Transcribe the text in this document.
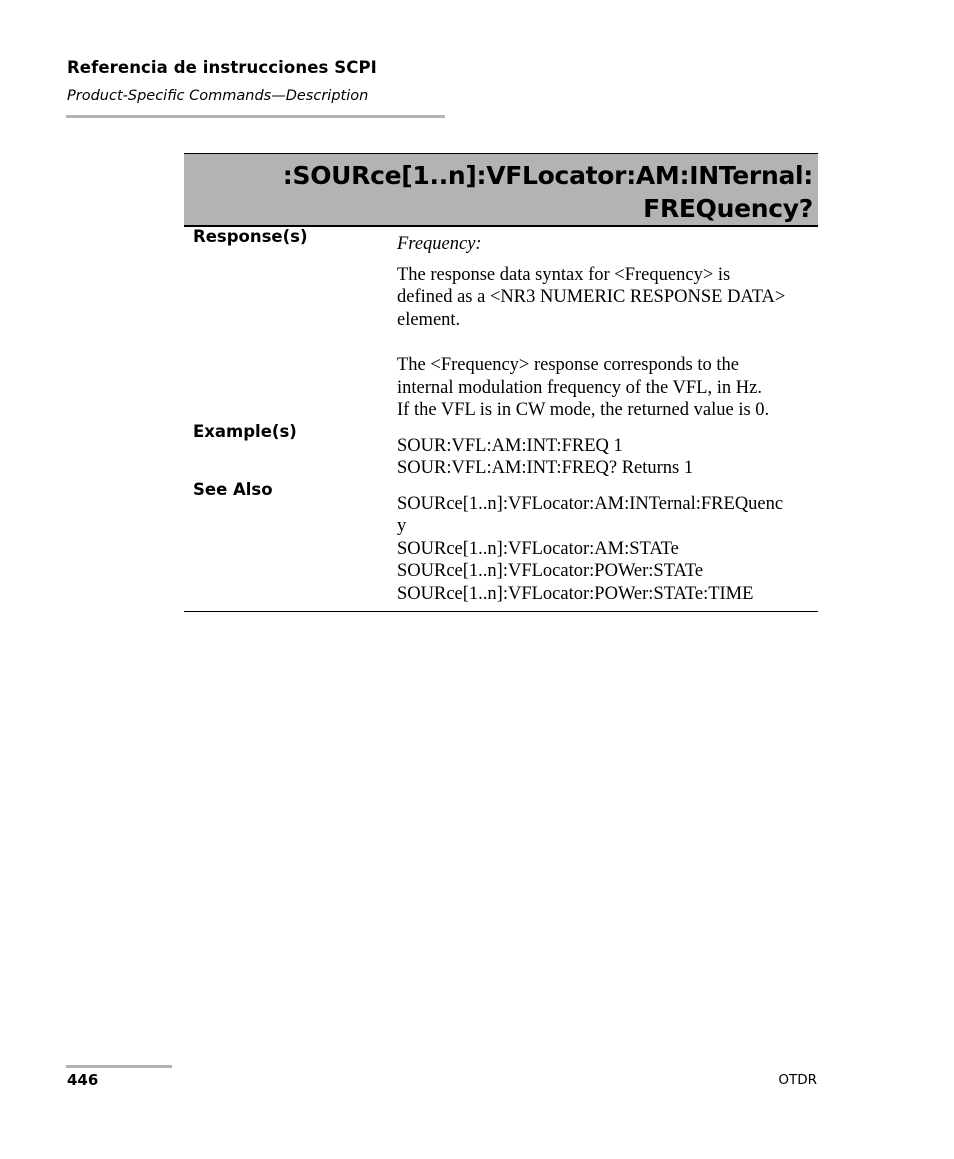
Referencia de instrucciones SCPI
Product-Specific Commands—Description
:SOURce[1..n]:VFLocator:AM:INTernal:
FREQuency?
Response(s)	Frequency:

The response data syntax for <Frequency> is

defined as a <NR3 NUMERIC RESPONSE DATA>

element.

The <Frequency> response corresponds to the

internal modulation frequency of the VFL, in Hz.

If the VFL is in CW mode, the returned value is 0.

Example(s)

SOUR:VFL:AM:INT:FREQ 1

SOUR:VFL:AM:INT:FREQ? Returns 1

See Also

SOURce[1..n]:VFLocator:AM:INTernal:FREQuenc

y

SOURce[1..n]:VFLocator:AM:STATe

SOURce[1..n]:VFLocator:POWer:STATe

SOURce[1..n]:VFLocator:POWer:STATe:TIME

446	OTDR
